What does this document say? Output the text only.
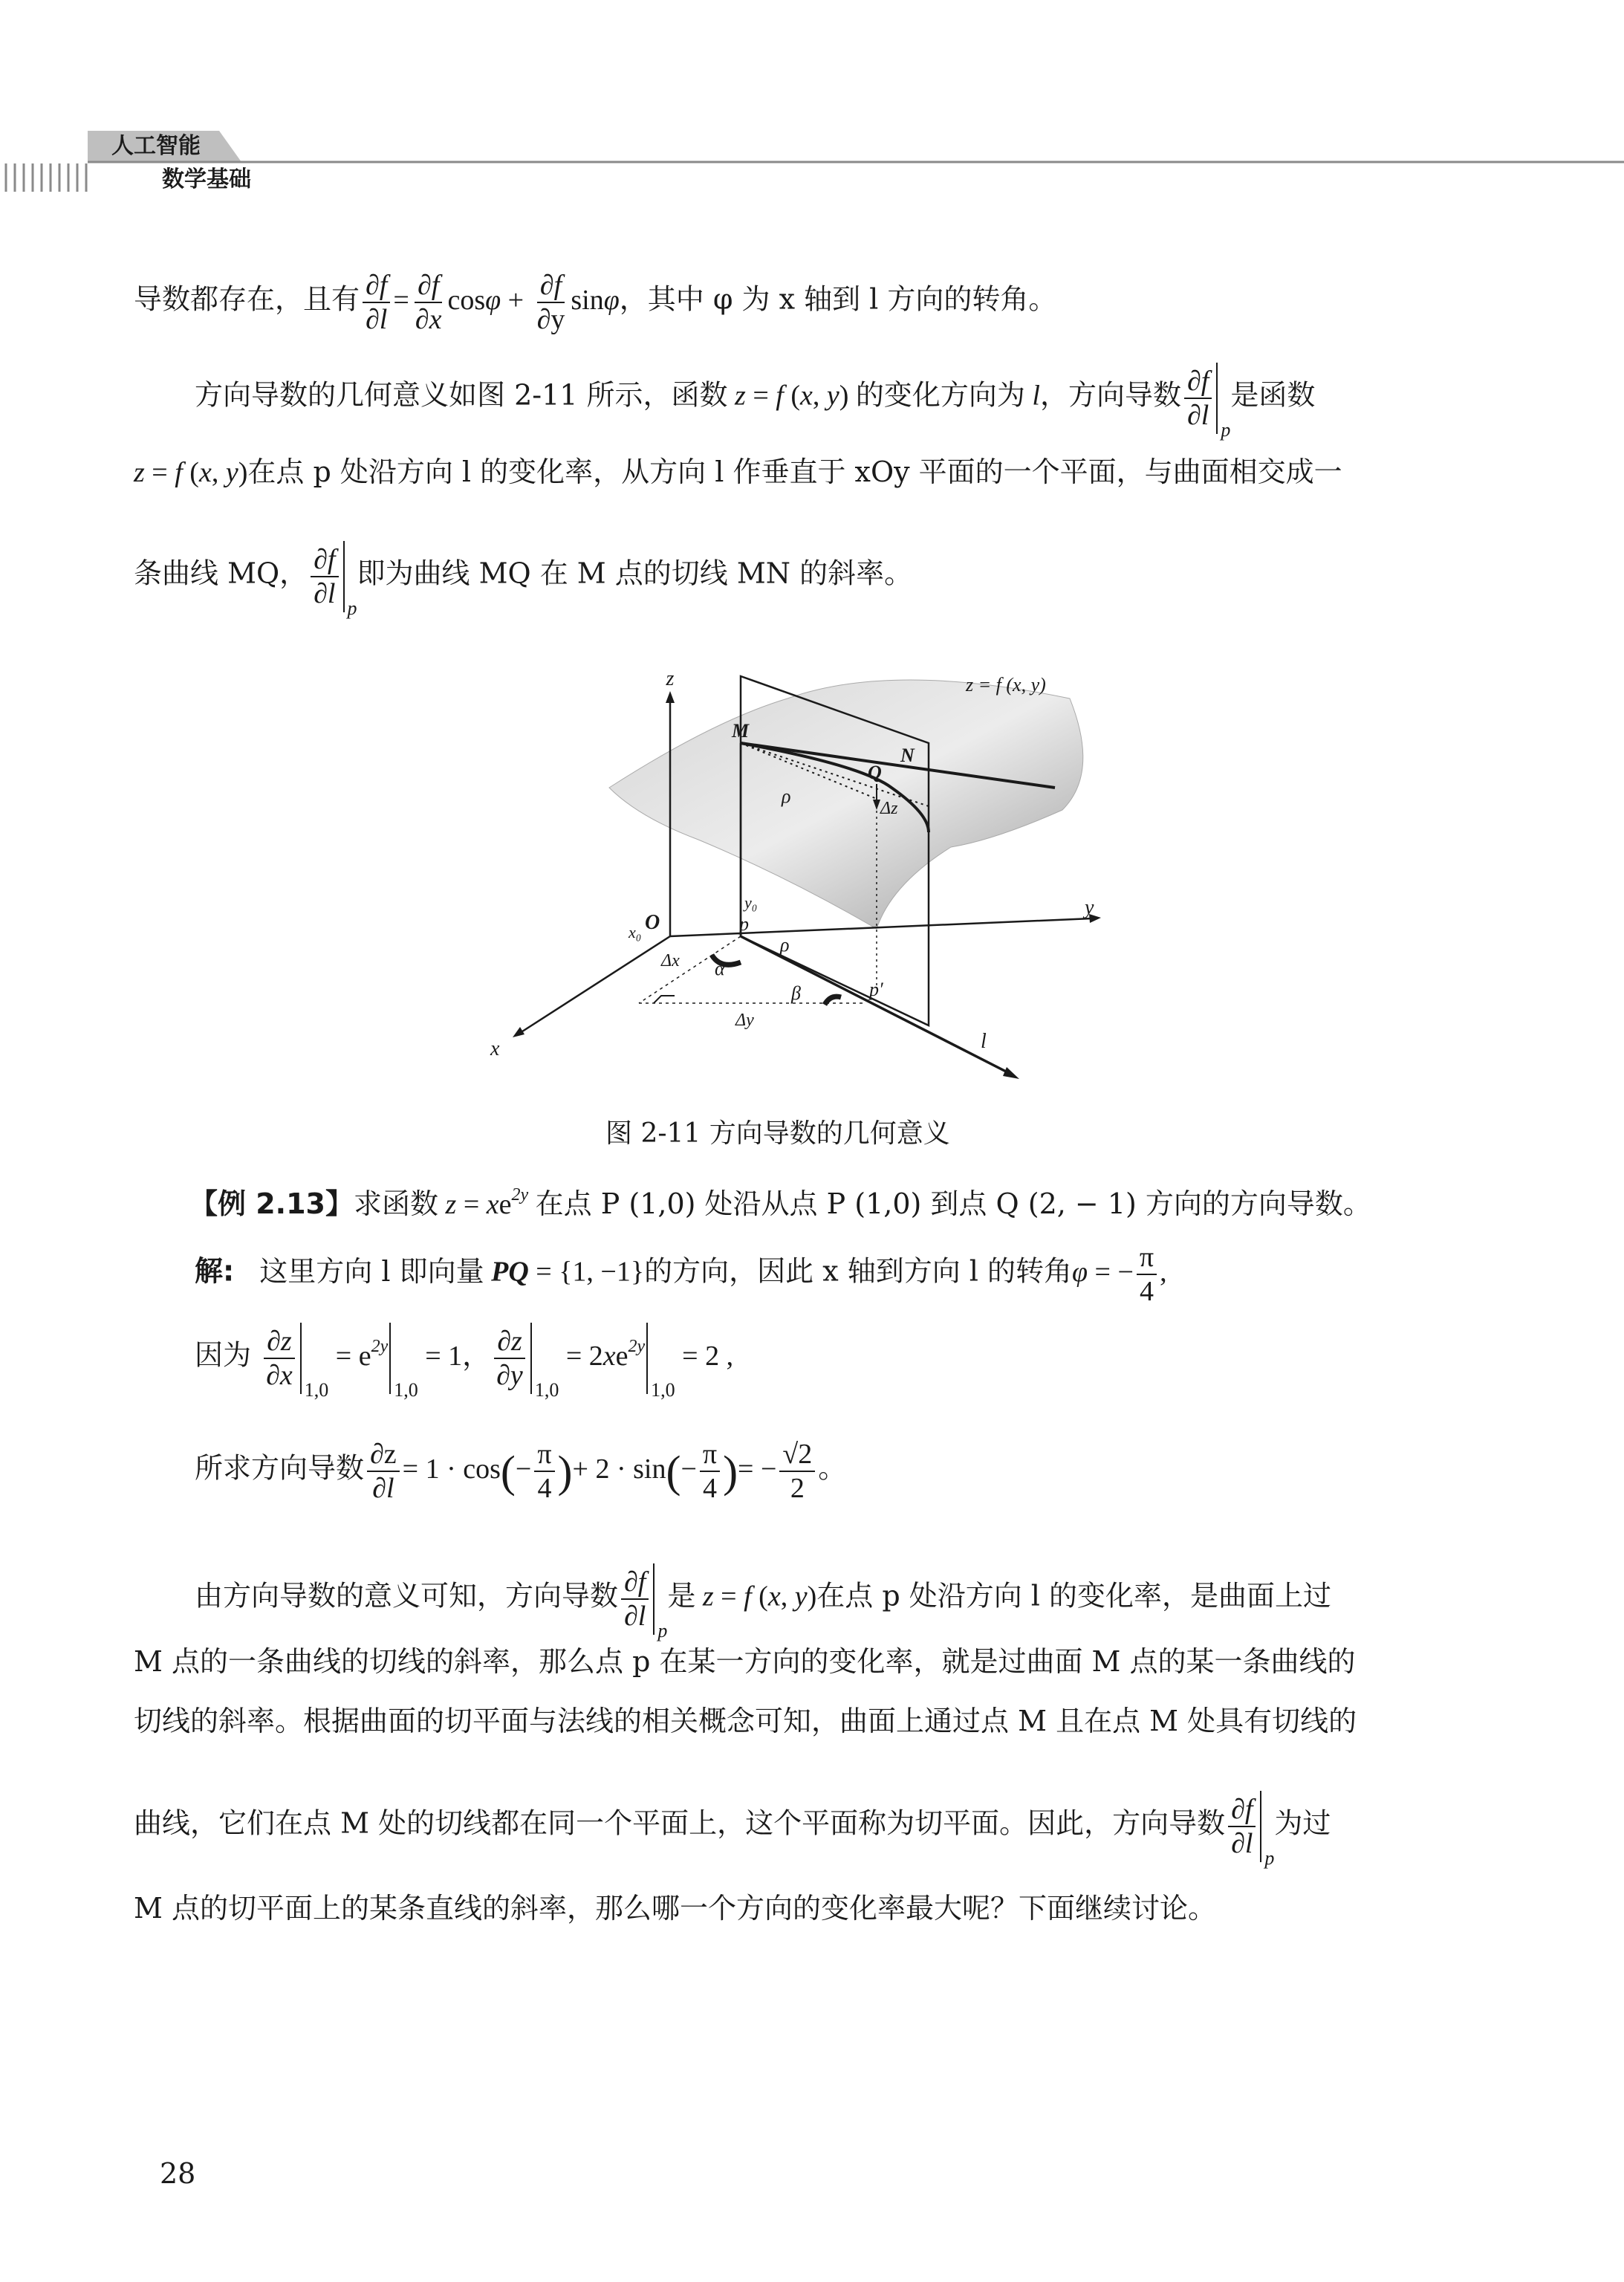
人工智能
数学基础
导数都存在，且有 $\frac{\partial f}{\partial l} = \frac{\partial f}{\partial x}$ $\cos\varphi + \frac{\partial f}{\partial y}$ sinφ，其中 φ 为 x 轴到 l 方向的转角。
方向导数的几何意义如图 2-11 所示，函数 z = f (x, y) 的变化方向为 l，方向导数 $\frac{\partial f}{\partial l}$ p是函数
z = f (x, y)在点 p 处沿方向 l 的变化率，从方向 l 作垂直于 xOy 平面的一个平面，与曲面相交成一
条曲线 MQ， $\frac{\partial f}{\partial l}$ p即为曲线 MQ 在 M 点的切线 MN 的斜率。
z	z = f (x, y)
M
N
Q
ρ
Δz
O
y₀
p
x₀
y
ρ
Δx α
p′
β
Δy
l
x
图 2-11 方向导数的几何意义
【例 2.13】求函数 $z = xe^{2y}$ 在点 P (1,0) 处沿从点 P (1,0) 到点 Q (2, − 1) 方向的方向导数。
解: 这里方向 l 即向量 PQ = {1, −1}的方向，因此 x 轴到方向 l 的转角φ = − $\frac{\pi}{4}$ ,
因为 $\frac{\partial z}{\partial x} 1,0 = e^{2y}1,0 = 1$， $\frac{\partial z}{\partial y} 1,0 = 2xe^{2y}1,0 = 2$ ,
所求方向导数 $\frac{\partial z}{\partial l} = 1 \cdot \cos(- \frac{\pi}{4}$ )+ $2 \cdot \sin(- \frac{\pi}{4}$ )= − $\frac{√2}{2}$ 。
由方向导数的意义可知，方向导数 $\frac{\partial f}{\partial l}$ p是 z = f (x, y)在点 p 处沿方向 l 的变化率，是曲面上过
M 点的一条曲线的切线的斜率，那么点 p 在某一方向的变化率，就是过曲面 M 点的某一条曲线的
切线的斜率。根据曲面的切平面与法线的相关概念可知，曲面上通过点 M 且在点 M 处具有切线的
曲线，它们在点 M 处的切线都在同一个平面上，这个平面称为切平面。因此，方向导数 $\frac{\partial f}{\partial l}$ p为过
M 点的切平面上的某条直线的斜率，那么哪一个方向的变化率最大呢？下面继续讨论。
28
